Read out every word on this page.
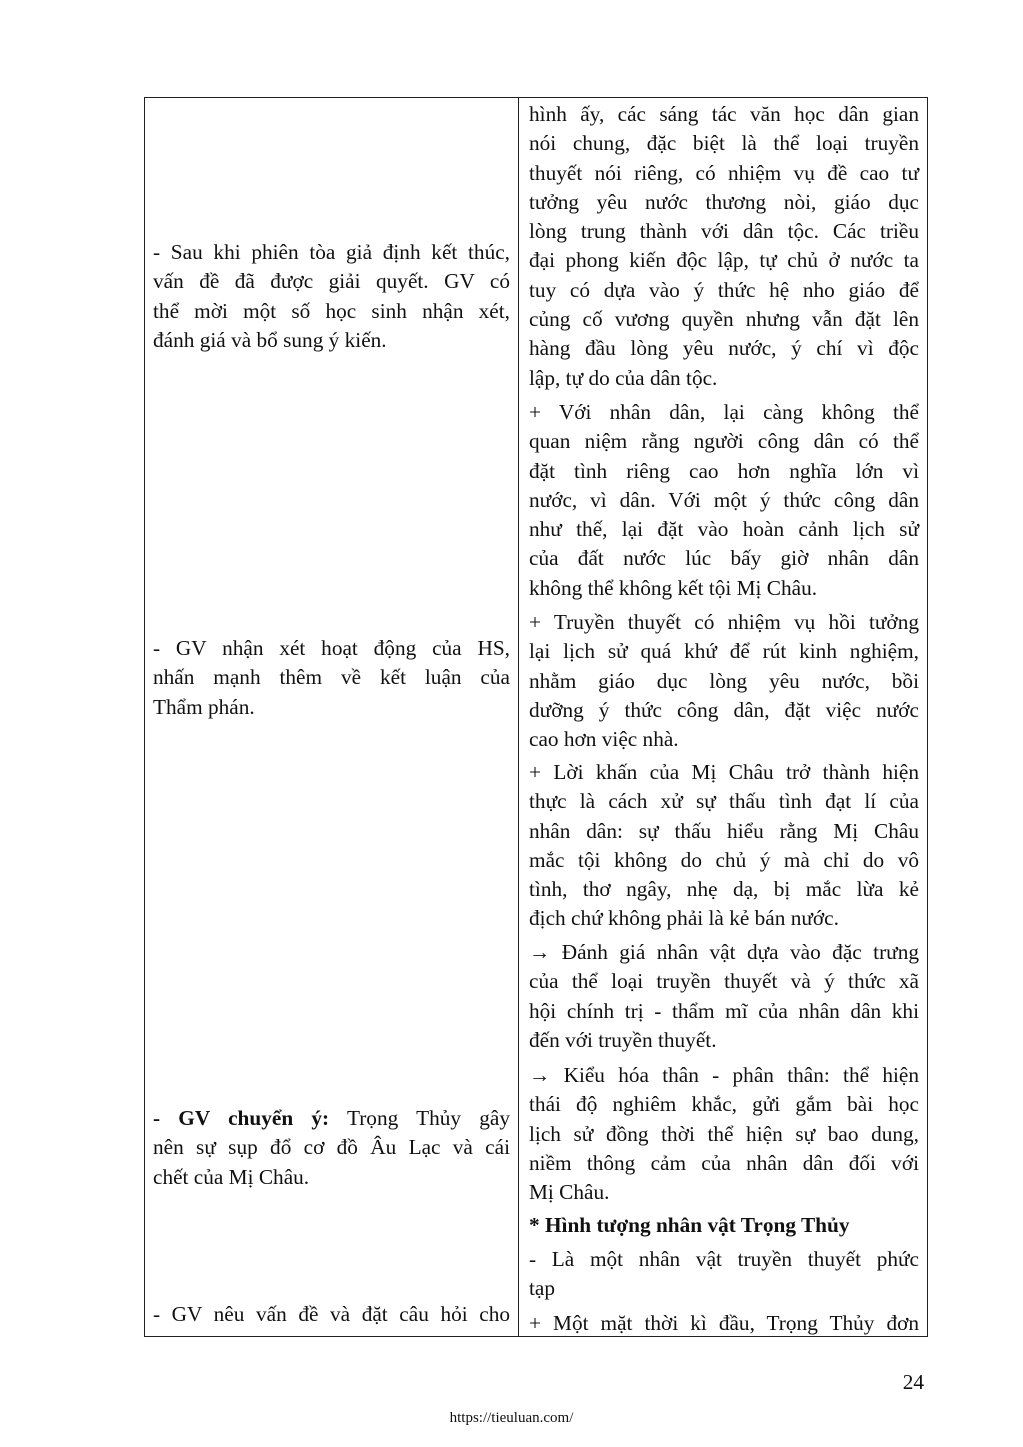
- Sau khi phiên tòa giả định kết thúc,
vấn đề đã được giải quyết. GV có
thể mời một số học sinh nhận xét,
đánh giá và bổ sung ý kiến.
- GV nhận xét hoạt động của HS,
nhấn mạnh thêm về kết luận của
Thẩm phán.
- GV chuyển ý: Trọng Thủy gây
nên sự sụp đổ cơ đồ Âu Lạc và cái
chết của Mị Châu.
- GV nêu vấn đề và đặt câu hỏi cho
hình ấy, các sáng tác văn học dân gian
nói chung, đặc biệt là thể loại truyền
thuyết nói riêng, có nhiệm vụ đề cao tư
tưởng yêu nước thương nòi, giáo dục
lòng trung thành với dân tộc. Các triều
đại phong kiến độc lập, tự chủ ở nước ta
tuy có dựa vào ý thức hệ nho giáo để
củng cố vương quyền nhưng vẫn đặt lên
hàng đầu lòng yêu nước, ý chí vì độc
lập, tự do của dân tộc.
+ Với nhân dân, lại càng không thể
quan niệm rằng người công dân có thể
đặt tình riêng cao hơn nghĩa lớn vì
nước, vì dân. Với một ý thức công dân
như thế, lại đặt vào hoàn cảnh lịch sử
của đất nước lúc bấy giờ nhân dân
không thể không kết tội Mị Châu.
+ Truyền thuyết có nhiệm vụ hồi tưởng
lại lịch sử quá khứ để rút kinh nghiệm,
nhằm giáo dục lòng yêu nước, bồi
dưỡng ý thức công dân, đặt việc nước
cao hơn việc nhà.
+ Lời khấn của Mị Châu trở thành hiện
thực là cách xử sự thấu tình đạt lí của
nhân dân: sự thấu hiểu rằng Mị Châu
mắc tội không do chủ ý mà chỉ do vô
tình, thơ ngây, nhẹ dạ, bị mắc lừa kẻ
địch chứ không phải là kẻ bán nước.
→ Đánh giá nhân vật dựa vào đặc trưng
của thể loại truyền thuyết và ý thức xã
hội chính trị - thẩm mĩ của nhân dân khi
đến với truyền thuyết.
→ Kiểu hóa thân - phân thân: thể hiện
thái độ nghiêm khắc, gửi gắm bài học
lịch sử đồng thời thể hiện sự bao dung,
niềm thông cảm của nhân dân đối với
Mị Châu.
* Hình tượng nhân vật Trọng Thủy
- Là một nhân vật truyền thuyết phức
tạp
+ Một mặt thời kì đầu, Trọng Thủy đơn
24
https://tieuluan.com/
